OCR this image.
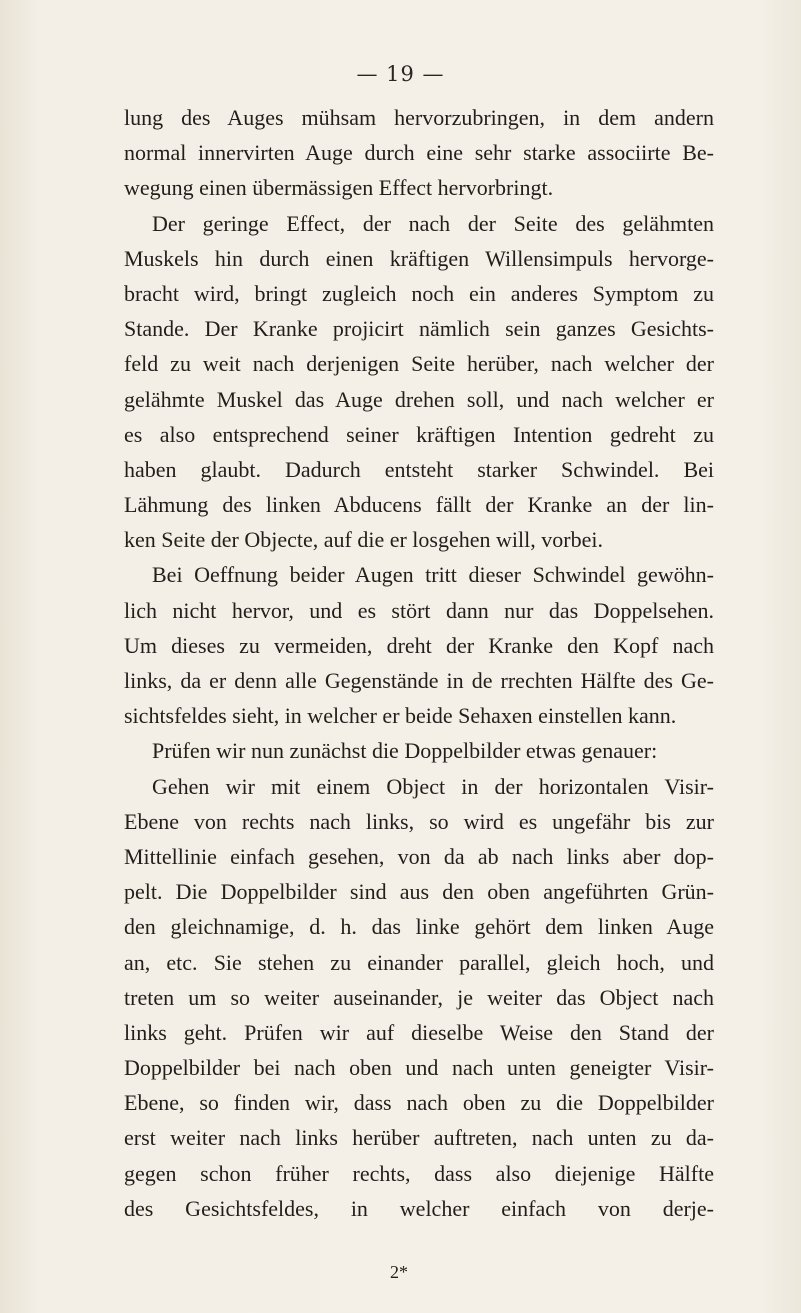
— 19 —
lung des Auges mühsam hervorzubringen, in dem andern
normal innervirten Auge durch eine sehr starke associirte Be-
wegung einen übermässigen Effect hervorbringt.
Der geringe Effect, der nach der Seite des gelähmten
Muskels hin durch einen kräftigen Willensimpuls hervorge-
bracht wird, bringt zugleich noch ein anderes Symptom zu
Stande. Der Kranke projicirt nämlich sein ganzes Gesichts-
feld zu weit nach derjenigen Seite herüber, nach welcher der
gelähmte Muskel das Auge drehen soll, und nach welcher er
es also entsprechend seiner kräftigen Intention gedreht zu
haben glaubt. Dadurch entsteht starker Schwindel. Bei
Lähmung des linken Abducens fällt der Kranke an der lin-
ken Seite der Objecte, auf die er losgehen will, vorbei.
Bei Oeffnung beider Augen tritt dieser Schwindel gewöhn-
lich nicht hervor, und es stört dann nur das Doppelsehen.
Um dieses zu vermeiden, dreht der Kranke den Kopf nach
links, da er denn alle Gegenstände in de rrechten Hälfte des Ge-
sichtsfeldes sieht, in welcher er beide Sehaxen einstellen kann.
Prüfen wir nun zunächst die Doppelbilder etwas genauer:
Gehen wir mit einem Object in der horizontalen Visir-
Ebene von rechts nach links, so wird es ungefähr bis zur
Mittellinie einfach gesehen, von da ab nach links aber dop-
pelt. Die Doppelbilder sind aus den oben angeführten Grün-
den gleichnamige, d. h. das linke gehört dem linken Auge
an, etc. Sie stehen zu einander parallel, gleich hoch, und
treten um so weiter auseinander, je weiter das Object nach
links geht. Prüfen wir auf dieselbe Weise den Stand der
Doppelbilder bei nach oben und nach unten geneigter Visir-
Ebene, so finden wir, dass nach oben zu die Doppelbilder
erst weiter nach links herüber auftreten, nach unten zu da-
gegen schon früher rechts, dass also diejenige Hälfte
des Gesichtsfeldes, in welcher einfach von derje-
2*
